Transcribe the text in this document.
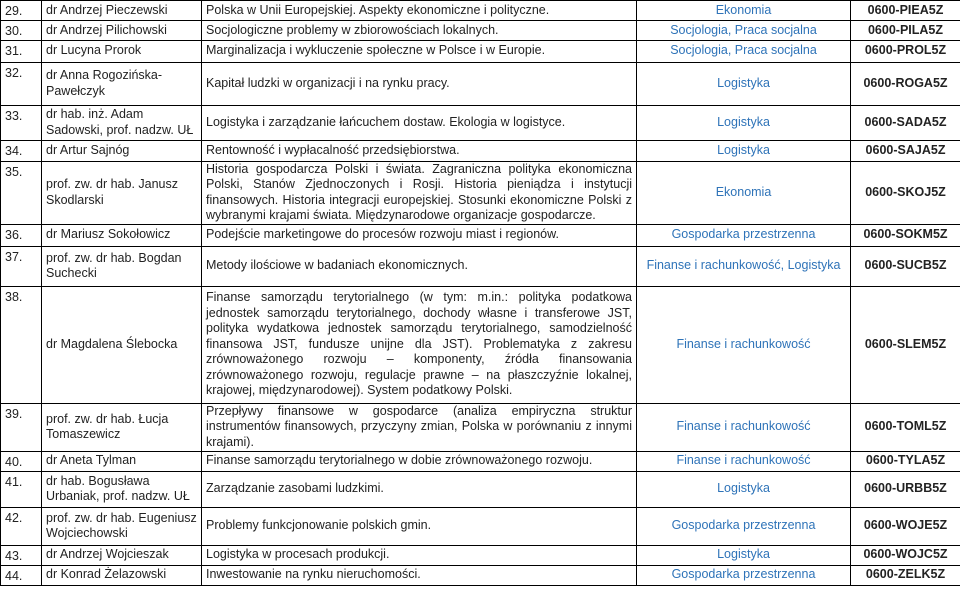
29.	dr Andrzej Pieczewski	Polska w Unii Europejskiej. Aspekty ekonomiczne i polityczne.	Ekonomia	0600-PIEA5Z
30.	dr Andrzej Pilichowski	Socjologiczne problemy w zbiorowościach lokalnych.	Socjologia, Praca socjalna	0600-PILA5Z
31.	dr Lucyna Prorok	Marginalizacja i wykluczenie społeczne w Polsce i w Europie.	Socjologia, Praca socjalna	0600-PROL5Z
32.	dr Anna Rogozińska-Pawełczyk	Kapitał ludzki w organizacji i na rynku pracy.	Logistyka	0600-ROGA5Z
33.	dr hab. inż. Adam Sadowski, prof. nadzw. UŁ	Logistyka i zarządzanie łańcuchem dostaw. Ekologia w logistyce.	Logistyka	0600-SADA5Z
34.	dr Artur Sajnóg	Rentowność i wypłacalność przedsiębiorstwa.	Logistyka	0600-SAJA5Z
35.	prof. zw. dr hab. Janusz Skodlarski	Historia gospodarcza Polski i świata. Zagraniczna polityka ekonomiczna Polski, Stanów Zjednoczonych i Rosji. Historia pieniądza i instytucji finansowych. Historia integracji europejskiej. Stosunki ekonomiczne Polski z wybranymi krajami świata. Międzynarodowe organizacje gospodarcze.	Ekonomia	0600-SKOJ5Z
36.	dr Mariusz Sokołowicz	Podejście marketingowe do procesów rozwoju miast i regionów.	Gospodarka przestrzenna	0600-SOKM5Z
37.	prof. zw. dr hab. Bogdan Suchecki	Metody ilościowe w badaniach ekonomicznych.	Finanse i rachunkowość, Logistyka	0600-SUCB5Z
38.	dr Magdalena Ślebocka	Finanse samorządu terytorialnego (w tym: m.in.: polityka podatkowa jednostek samorządu terytorialnego, dochody własne i transferowe JST, polityka wydatkowa jednostek samorządu terytorialnego, samodzielność finansowa JST, fundusze unijne dla JST). Problematyka z zakresu zrównoważonego rozwoju – komponenty, źródła finansowania zrównoważonego rozwoju, regulacje prawne – na płaszczyźnie lokalnej, krajowej, międzynarodowej). System podatkowy Polski.	Finanse i rachunkowość	0600-SLEM5Z
39.	prof. zw. dr hab. Łucja Tomaszewicz	Przepływy finansowe w gospodarce (analiza empiryczna struktur instrumentów finansowych, przyczyny zmian, Polska w porównaniu z innymi krajami).	Finanse i rachunkowość	0600-TOML5Z
40.	dr Aneta Tylman	Finanse samorządu terytorialnego w dobie zrównoważonego rozwoju.	Finanse i rachunkowość	0600-TYLA5Z
41.	dr hab. Bogusława Urbaniak, prof. nadzw. UŁ	Zarządzanie zasobami ludzkimi.	Logistyka	0600-URBB5Z
42.	prof. zw. dr hab. Eugeniusz Wojciechowski	Problemy funkcjonowanie polskich gmin.	Gospodarka przestrzenna	0600-WOJE5Z
43.	dr Andrzej Wojcieszak	Logistyka w procesach produkcji.	Logistyka	0600-WOJC5Z
44.	dr Konrad Żelazowski	Inwestowanie na rynku nieruchomości.	Gospodarka przestrzenna	0600-ZELK5Z
